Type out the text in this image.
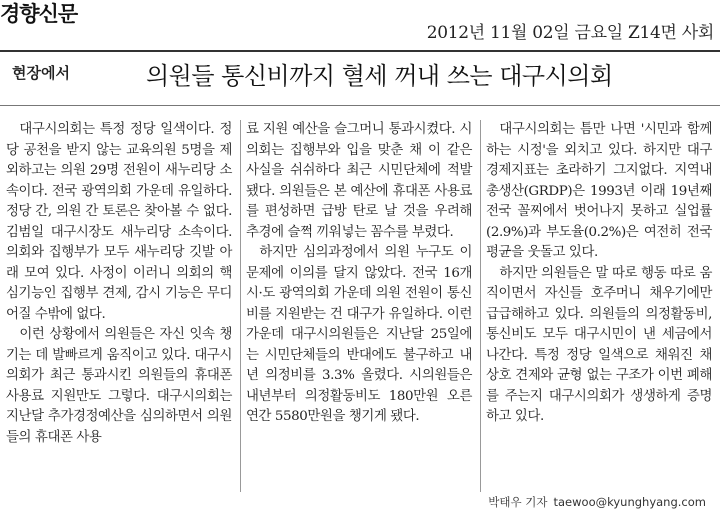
경향신문
2012년 11월 02일 금요일 Z14면 사회
현장에서	의원들 통신비까지 혈세 꺼내 쓰는 대구시의회

대구시의회는 특정 정당 일색이다. 정당 공천을 받지 않는 교육의원 5명을 제외하고는 의원 29명 전원이 새누리당 소속이다. 전국 광역의회 가운데 유일하다. 정당 간, 의원 간 토론은 찾아볼 수 없다. 김범일 대구시장도 새누리당 소속이다. 의회와 집행부가 모두 새누리당 깃발 아래 모여 있다. 사정이 이러니 의회의 핵심기능인 집행부 견제, 감시 기능은 무디어질 수밖에 없다.

이런 상황에서 의원들은 자신 잇속 챙기는 데 발빠르게 움직이고 있다. 대구시의회가 최근 통과시킨 의원들의 휴대폰 사용료 지원만도 그렇다. 대구시의회는 지난달 추가경정예산을 심의하면서 의원들의 휴대폰 사용

료 지원 예산을 슬그머니 통과시켰다. 시 의회는 집행부와 입을 맞춘 채 이 같은 사실을 쉬쉬하다 최근 시민단체에 적발됐다. 의원들은 본 예산에 휴대폰 사용료를 편성하면 급방 탄로 날 것을 우려해 추경에 슬쩍 끼워넣는 꼼수를 부렸다.

하지만 심의과정에서 의원 누구도 이 문제에 이의를 달지 않았다. 전국 16개 시·도 광역의회 가운데 의원 전원이 통신비를 지원받는 건 대구가 유일하다. 이런 가운데 대구시의원들은 지난달 25일에는 시민단체들의 반대에도 불구하고 내년 의정비를 3.3% 올렸다. 시의원들은 내년부터 의정활동비도 180만원 오른 연간 5580만원을 챙기게 됐다.

대구시의회는 틈만 나면 '시민과 함께하는 시정'을 외치고 있다. 하지만 대구 경제지표는 초라하기 그지없다. 지역내 총생산(GRDP)은 1993년 이래 19년째 전국 꼴찌에서 벗어나지 못하고 실업률(2.9%)과 부도율(0.2%)은 여전히 전국 평균을 웃돌고 있다.

하지만 의원들은 말 따로 행동 따로 움직이면서 자신들 호주머니 채우기에만 급급해하고 있다. 의원들의 의정활동비, 통신비도 모두 대구시민이 낸 세금에서 나간다. 특정 정당 일색으로 채워진 채 상호 견제와 균형 없는 구조가 이번 폐해를 주는지 대구시의회가 생생하게 증명하고 있다.

박태우 기자 taewoo@kyunghyang.com
